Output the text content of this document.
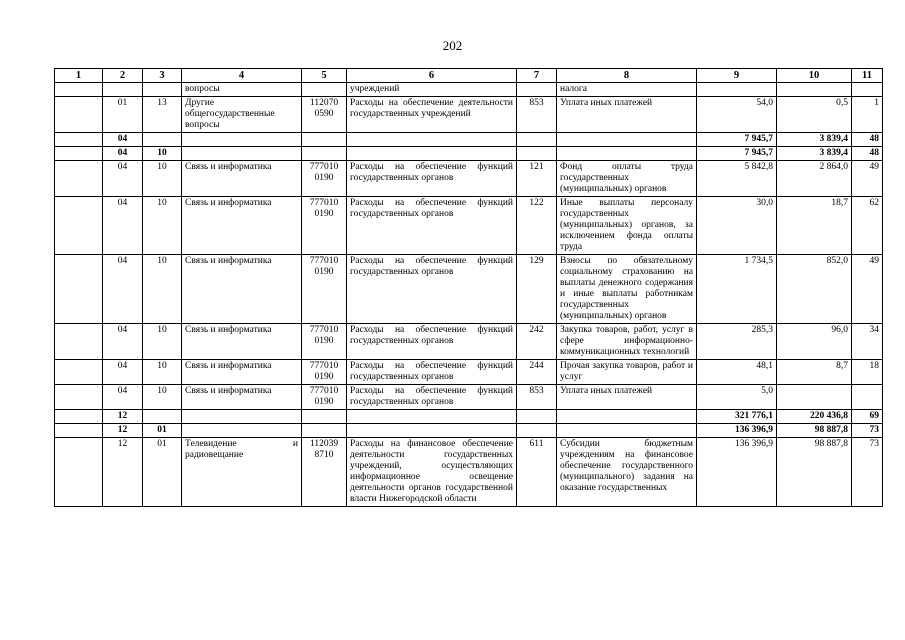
202
1	2	3	4	5	6	7	8	9	10	11
			вопросы		учреждений		налога			
	01	13	Другие общегосударственные вопросы	112070 0590	Расходы на обеспечение деятельности государственных учреждений	853	Уплата иных платежей	54,0	0,5	1
	04							7 945,7	3 839,4	48
	04	10						7 945,7	3 839,4	48
	04	10	Связь и информатика	777010 0190	Расходы на обеспечение функций государственных органов	121	Фонд оплаты труда государственных (муниципальных) органов	5 842,8	2 864,0	49
	04	10	Связь и информатика	777010 0190	Расходы на обеспечение функций государственных органов	122	Иные выплаты персоналу государственных (муниципальных) органов, за исключением фонда оплаты труда	30,0	18,7	62
	04	10	Связь и информатика	777010 0190	Расходы на обеспечение функций государственных органов	129	Взносы по обязательному социальному страхованию на выплаты денежного содержания и иные выплаты работникам государственных (муниципальных) органов	1 734,5	852,0	49
	04	10	Связь и информатика	777010 0190	Расходы на обеспечение функций государственных органов	242	Закупка товаров, работ, услуг в сфере информационно-коммуникационных технологий	285,3	96,0	34
	04	10	Связь и информатика	777010 0190	Расходы на обеспечение функций государственных органов	244	Прочая закупка товаров, работ и услуг	48,1	8,7	18
	04	10	Связь и информатика	777010 0190	Расходы на обеспечение функций государственных органов	853	Уплата иных платежей	5,0		
	12							321 776,1	220 436,8	69
	12	01						136 396,9	98 887,8	73
	12	01	Телевидение и радиовещание	112039 8710	Расходы на финансовое обеспечение деятельности государственных учреждений, осуществляющих информационное освещение деятельности органов государственной власти Нижегородской области	611	Субсидии бюджетным учреждениям на финансовое обеспечение государственного (муниципального) задания на оказание государственных	136 396,9	98 887,8	73
